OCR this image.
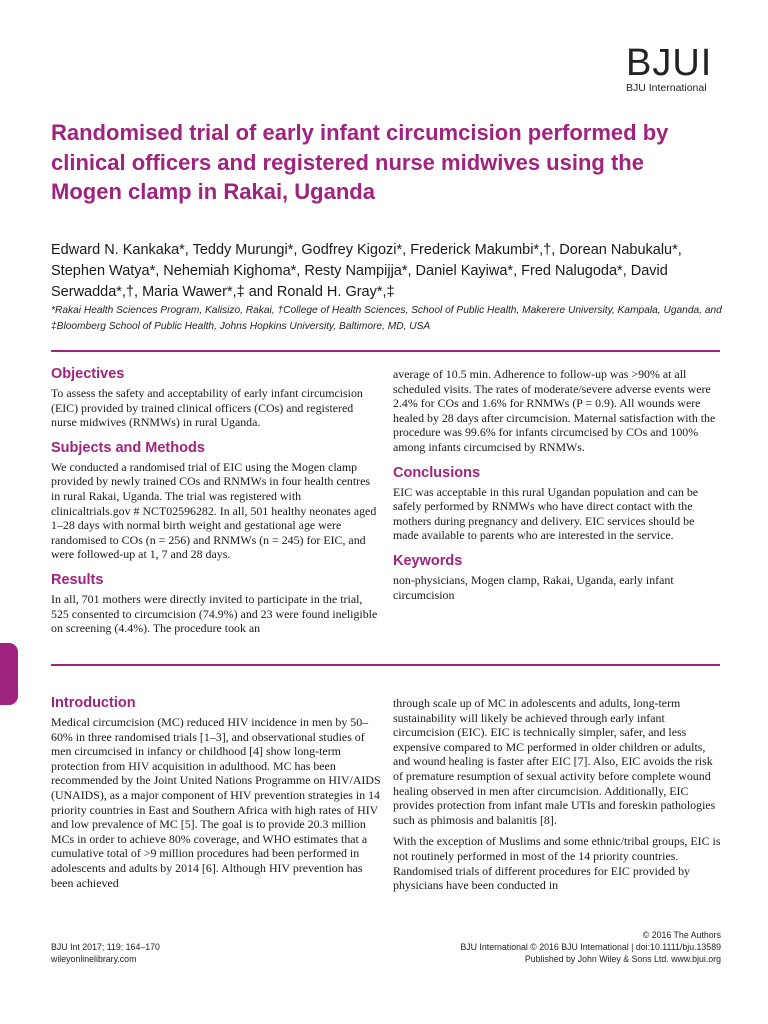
BJUI
BJU International
Randomised trial of early infant circumcision performed by clinical officers and registered nurse midwives using the Mogen clamp in Rakai, Uganda
Edward N. Kankaka*, Teddy Murungi*, Godfrey Kigozi*, Frederick Makumbi*,†, Dorean Nabukalu*, Stephen Watya*, Nehemiah Kighoma*, Resty Nampijja*, Daniel Kayiwa*, Fred Nalugoda*, David Serwadda*,†, Maria Wawer*,‡ and Ronald H. Gray*,‡
*Rakai Health Sciences Program, Kalisizo, Rakai, †College of Health Sciences, School of Public Health, Makerere University, Kampala, Uganda, and ‡Bloomberg School of Public Health, Johns Hopkins University, Baltimore, MD, USA
Objectives

To assess the safety and acceptability of early infant circumcision (EIC) provided by trained clinical officers (COs) and registered nurse midwives (RNMWs) in rural Uganda.

Subjects and Methods

We conducted a randomised trial of EIC using the Mogen clamp provided by newly trained COs and RNMWs in four health centres in rural Rakai, Uganda. The trial was registered with clinicaltrials.gov # NCT02596282. In all, 501 healthy neonates aged 1–28 days with normal birth weight and gestational age were randomised to COs (n = 256) and RNMWs (n = 245) for EIC, and were followed-up at 1, 7 and 28 days.

Results

In all, 701 mothers were directly invited to participate in the trial, 525 consented to circumcision (74.9%) and 23 were found ineligible on screening (4.4%). The procedure took an

average of 10.5 min. Adherence to follow-up was >90% at all scheduled visits. The rates of moderate/severe adverse events were 2.4% for COs and 1.6% for RNMWs (P = 0.9). All wounds were healed by 28 days after circumcision. Maternal satisfaction with the procedure was 99.6% for infants circumcised by COs and 100% among infants circumcised by RNMWs.

Conclusions

EIC was acceptable in this rural Ugandan population and can be safely performed by RNMWs who have direct contact with the mothers during pregnancy and delivery. EIC services should be made available to parents who are interested in the service.

Keywords

non-physicians, Mogen clamp, Rakai, Uganda, early infant circumcision

Introduction

Medical circumcision (MC) reduced HIV incidence in men by 50–60% in three randomised trials [1–3], and observational studies of men circumcised in infancy or childhood [4] show long-term protection from HIV acquisition in adulthood. MC has been recommended by the Joint United Nations Programme on HIV/AIDS (UNAIDS), as a major component of HIV prevention strategies in 14 priority countries in East and Southern Africa with high rates of HIV and low prevalence of MC [5]. The goal is to provide 20.3 million MCs in order to achieve 80% coverage, and WHO estimates that a cumulative total of >9 million procedures had been performed in adolescents and adults by 2014 [6]. Although HIV prevention has been achieved

through scale up of MC in adolescents and adults, long-term sustainability will likely be achieved through early infant circumcision (EIC). EIC is technically simpler, safer, and less expensive compared to MC performed in older children or adults, and wound healing is faster after EIC [7]. Also, EIC avoids the risk of premature resumption of sexual activity before complete wound healing observed in men after circumcision. Additionally, EIC provides protection from infant male UTIs and foreskin pathologies such as phimosis and balanitis [8].

With the exception of Muslims and some ethnic/tribal groups, EIC is not routinely performed in most of the 14 priority countries. Randomised trials of different procedures for EIC provided by physicians have been conducted in

BJU Int 2017; 119: 164–170
wileyonlinelibrary.com
© 2016 The Authors
BJU International © 2016 BJU International | doi:10.1111/bju.13589
Published by John Wiley & Sons Ltd. www.bjui.org
